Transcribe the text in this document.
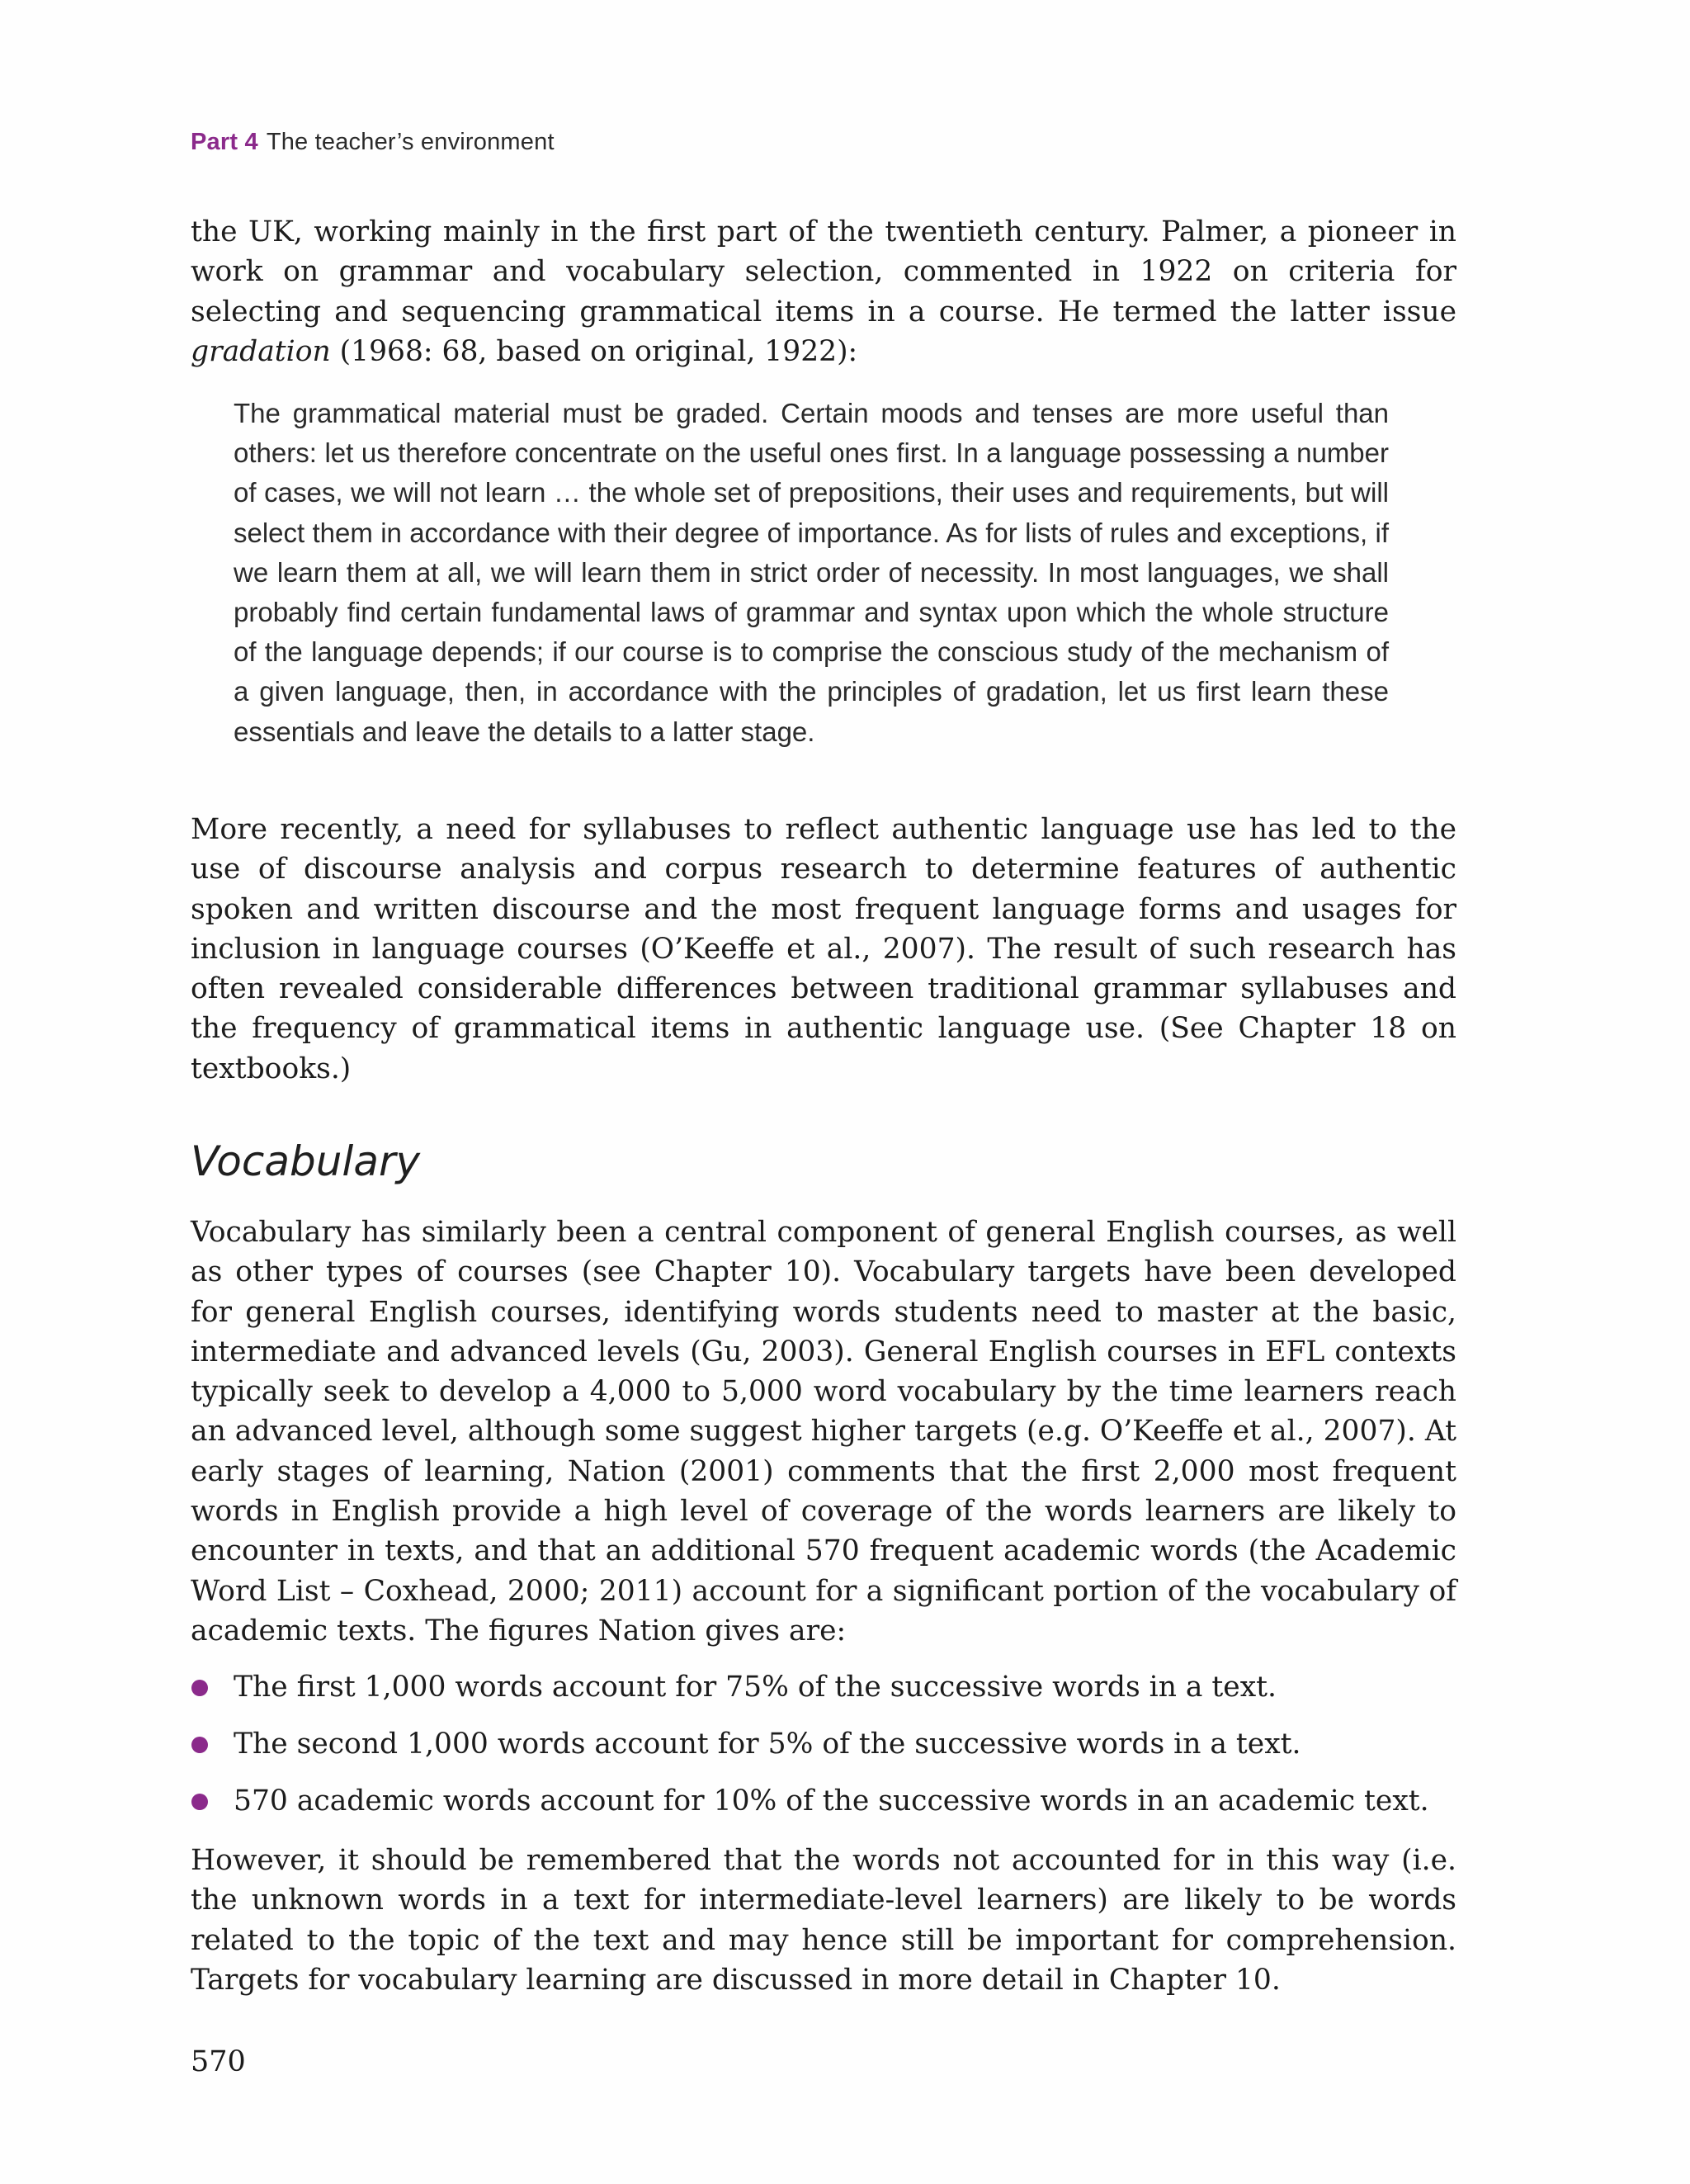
Part 4 The teacher’s environment

the UK, working mainly in the first part of the twentieth century. Palmer, a pioneer in work on grammar and vocabulary selection, commented in 1922 on criteria for selecting and sequencing grammatical items in a course. He termed the latter issue gradation (1968: 68, based on original, 1922):

The grammatical material must be graded. Certain moods and tenses are more useful than others: let us therefore concentrate on the useful ones first. In a language possessing a number of cases, we will not learn … the whole set of prepositions, their uses and requirements, but will select them in accordance with their degree of importance. As for lists of rules and exceptions, if we learn them at all, we will learn them in strict order of necessity. In most languages, we shall probably find certain fundamental laws of grammar and syntax upon which the whole structure of the language depends; if our course is to comprise the conscious study of the mechanism of a given language, then, in accordance with the principles of gradation, let us first learn these essentials and leave the details to a latter stage.

More recently, a need for syllabuses to reflect authentic language use has led to the use of discourse analysis and corpus research to determine features of authentic spoken and written discourse and the most frequent language forms and usages for inclusion in language courses (O’Keeffe et al., 2007). The result of such research has often revealed considerable differences between traditional grammar syllabuses and the frequency of grammatical items in authentic language use. (See Chapter 18 on textbooks.)

Vocabulary

Vocabulary has similarly been a central component of general English courses, as well as other types of courses (see Chapter 10). Vocabulary targets have been developed for general English courses, identifying words students need to master at the basic, intermediate and advanced levels (Gu, 2003). General English courses in EFL contexts typically seek to develop a 4,000 to 5,000 word vocabulary by the time learners reach an advanced level, although some suggest higher targets (e.g. O’Keeffe et al., 2007). At early stages of learning, Nation (2001) comments that the first 2,000 most frequent words in English provide a high level of coverage of the words learners are likely to encounter in texts, and that an additional 570 frequent academic words (the Academic Word List – Coxhead, 2000; 2011) account for a significant portion of the vocabulary of academic texts. The figures Nation gives are:

The first 1,000 words account for 75% of the successive words in a text.
The second 1,000 words account for 5% of the successive words in a text.
570 academic words account for 10% of the successive words in an academic text.

However, it should be remembered that the words not accounted for in this way (i.e. the unknown words in a text for intermediate-level learners) are likely to be words related to the topic of the text and may hence still be important for comprehension. Targets for vocabulary learning are discussed in more detail in Chapter 10.

570
